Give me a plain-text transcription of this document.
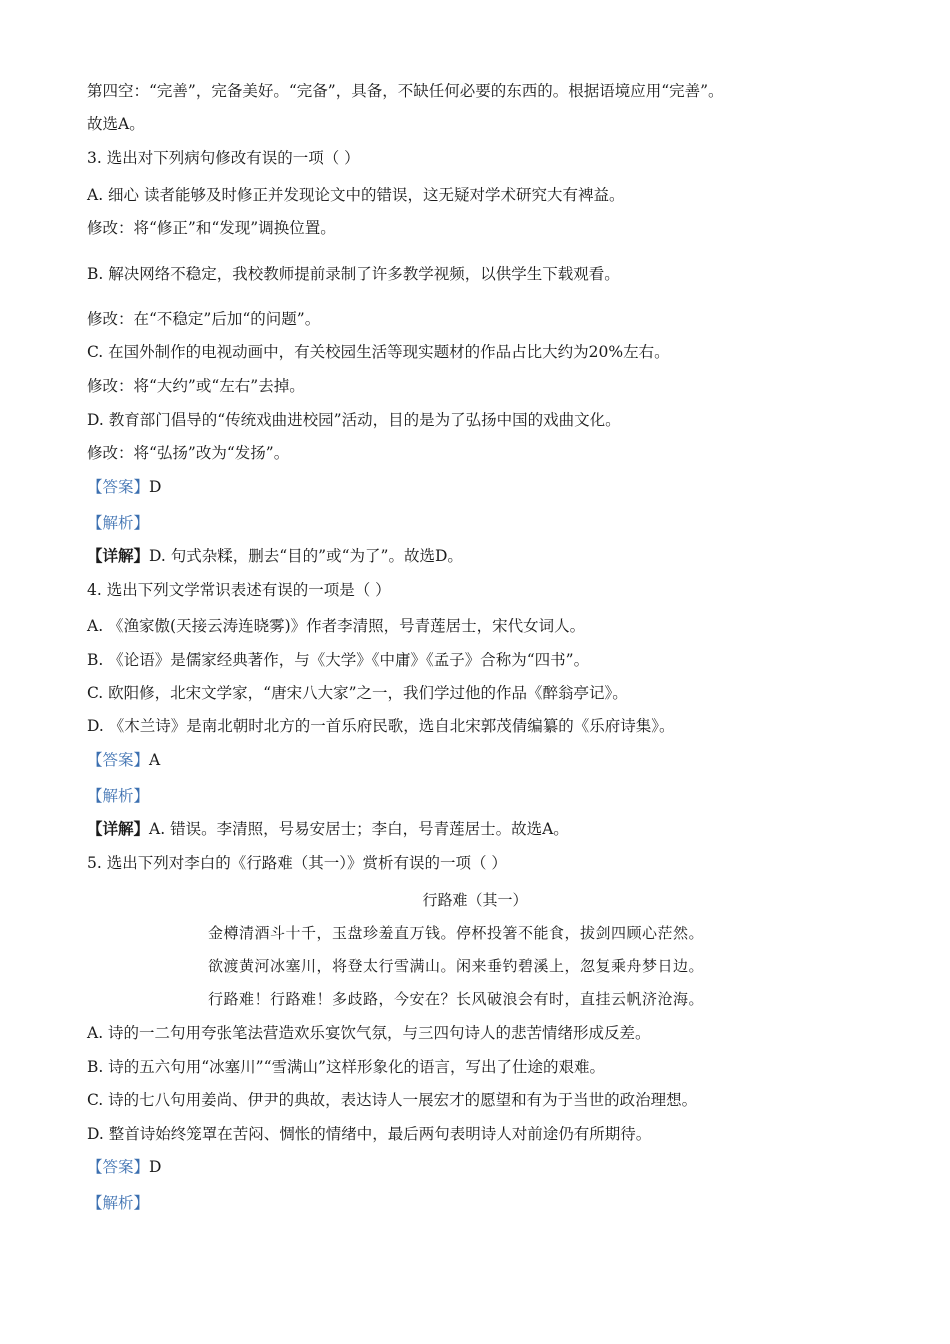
第四空：“完善”，完备美好。“完备”，具备，不缺任何必要的东西的。根据语境应用“完善”。
故选A。
3. 选出对下列病句修改有误的一项（ ）
A. 细心 读者能够及时修正并发现论文中的错误，这无疑对学术研究大有裨益。
修改：将“修正”和“发现”调换位置。
B. 解决网络不稳定，我校教师提前录制了许多教学视频，以供学生下载观看。
修改：在“不稳定”后加“的问题”。
C. 在国外制作的电视动画中，有关校园生活等现实题材的作品占比大约为20%左右。
修改：将“大约”或“左右”去掉。
D. 教育部门倡导的“传统戏曲进校园”活动，目的是为了弘扬中国的戏曲文化。
修改：将“弘扬”改为“发扬”。
【答案】D
【解析】
【详解】D. 句式杂糅，删去“目的”或“为了”。故选D。
4. 选出下列文学常识表述有误的一项是（ ）
A. 《渔家傲(天接云涛连晓雾)》作者李清照，号青莲居士，宋代女词人。
B. 《论语》是儒家经典著作，与《大学》《中庸》《孟子》合称为“四书”。
C. 欧阳修，北宋文学家，“唐宋八大家”之一，我们学过他的作品《醉翁亭记》。
D. 《木兰诗》是南北朝时北方的一首乐府民歌，选自北宋郭茂倩编纂的《乐府诗集》。
【答案】A
【解析】
【详解】A. 错误。李清照，号易安居士；李白，号青莲居士。故选A。
5. 选出下列对李白的《行路难（其一）》赏析有误的一项（ ）
行路难（其一）
金樽清酒斗十千，玉盘珍羞直万钱。停杯投箸不能食，拔剑四顾心茫然。
欲渡黄河冰塞川，将登太行雪满山。闲来垂钓碧溪上，忽复乘舟梦日边。
行路难！行路难！多歧路，今安在？长风破浪会有时，直挂云帆济沧海。
A. 诗的一二句用夸张笔法营造欢乐宴饮气氛，与三四句诗人的悲苦情绪形成反差。
B. 诗的五六句用“冰塞川”“雪满山”这样形象化的语言，写出了仕途的艰难。
C. 诗的七八句用姜尚、伊尹的典故，表达诗人一展宏才的愿望和有为于当世的政治理想。
D. 整首诗始终笼罩在苦闷、惆怅的情绪中，最后两句表明诗人对前途仍有所期待。
【答案】D
【解析】
